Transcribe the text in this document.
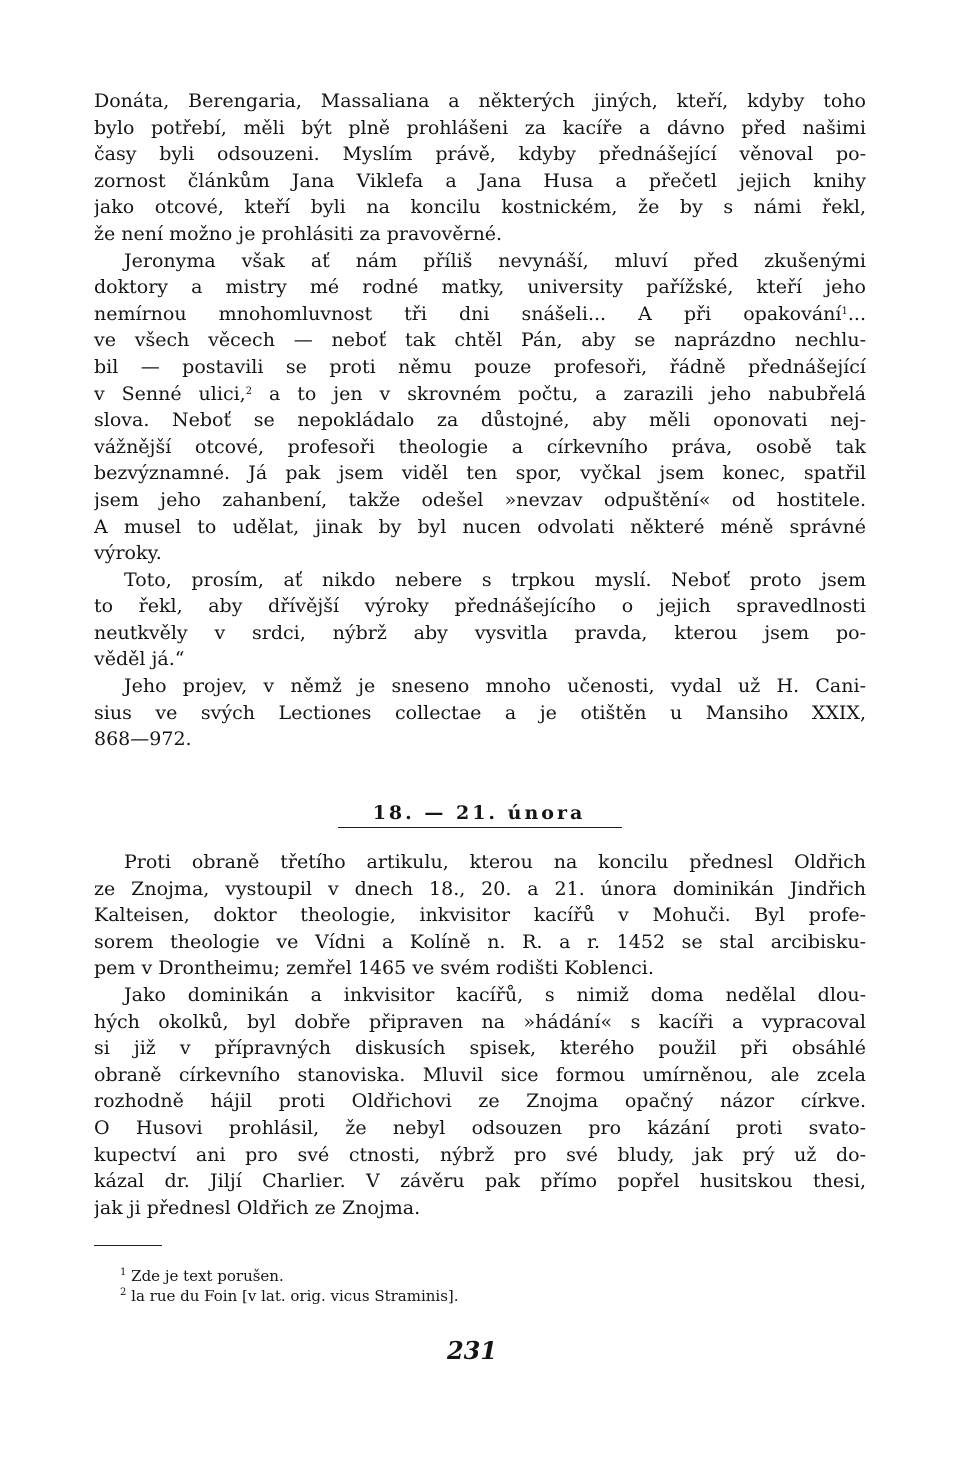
Donáta, Berengaria, Massaliana a některých jiných, kteří, kdyby toho
bylo potřebí, měli být plně prohlášeni za kacíře a dávno před našimi
časy byli odsouzeni. Myslím právě, kdyby přednášející věnoval po-
zornost článkům Jana Viklefa a Jana Husa a přečetl jejich knihy
jako otcové, kteří byli na koncilu kostnickém, že by s námi řekl,
že není možno je prohlásiti za pravověrné.
Jeronyma však ať nám příliš nevynáší, mluví před zkušenými
doktory a mistry mé rodné matky, university pařížské, kteří jeho
nemírnou mnohomluvnost tři dni snášeli... A při opakování$^1$...
ve všech věcech — neboť tak chtěl Pán, aby se naprázdno nechlu-
bil — postavili se proti němu pouze profesoři, řádně přednášející
v Senné ulici,$^2$ a to jen v skrovném počtu, a zarazili jeho nabubřelá
slova. Neboť se nepokládalo za důstojné, aby měli oponovati nej-
vážnější otcové, profesoři theologie a církevního práva, osobě tak
bezvýznamné. Já pak jsem viděl ten spor, vyčkal jsem konec, spatřil
jsem jeho zahanbení, takže odešel »nevzav odpuštění« od hostitele.
A musel to udělat, jinak by byl nucen odvolati některé méně správné
výroky.
Toto, prosím, ať nikdo nebere s trpkou myslí. Neboť proto jsem
to řekl, aby dřívější výroky přednášejícího o jejich spravedlnosti
neutkvěly v srdci, nýbrž aby vysvitla pravda, kterou jsem po-
věděl já.“
Jeho projev, v němž je sneseno mnoho učenosti, vydal už H. Cani-
sius ve svých Lectiones collectae a je otištěn u Mansiho XXIX,
868—972.
18. — 21. února
Proti obraně třetího artikulu, kterou na koncilu přednesl Oldřich
ze Znojma, vystoupil v dnech 18., 20. a 21. února dominikán Jindřich
Kalteisen, doktor theologie, inkvisitor kacířů v Mohuči. Byl profe-
sorem theologie ve Vídni a Kolíně n. R. a r. 1452 se stal arcibisku-
pem v Drontheimu; zemřel 1465 ve svém rodišti Koblenci.
Jako dominikán a inkvisitor kacířů, s nimiž doma nedělal dlou-
hých okolků, byl dobře připraven na »hádání« s kacíři a vypracoval
si již v přípravných diskusích spisek, kterého použil při obsáhlé
obraně církevního stanoviska. Mluvil sice formou umírněnou, ale zcela
rozhodně hájil proti Oldřichovi ze Znojma opačný názor církve.
O Husovi prohlásil, že nebyl odsouzen pro kázání proti svato-
kupectví ani pro své ctnosti, nýbrž pro své bludy, jak prý už do-
kázal dr. Jiljí Charlier. V závěru pak přímo popřel husitskou thesi,
jak ji přednesl Oldřich ze Znojma.
$^1$ Zde je text porušen.
$^2$ la rue du Foin [v lat. orig. vicus Straminis].
231
